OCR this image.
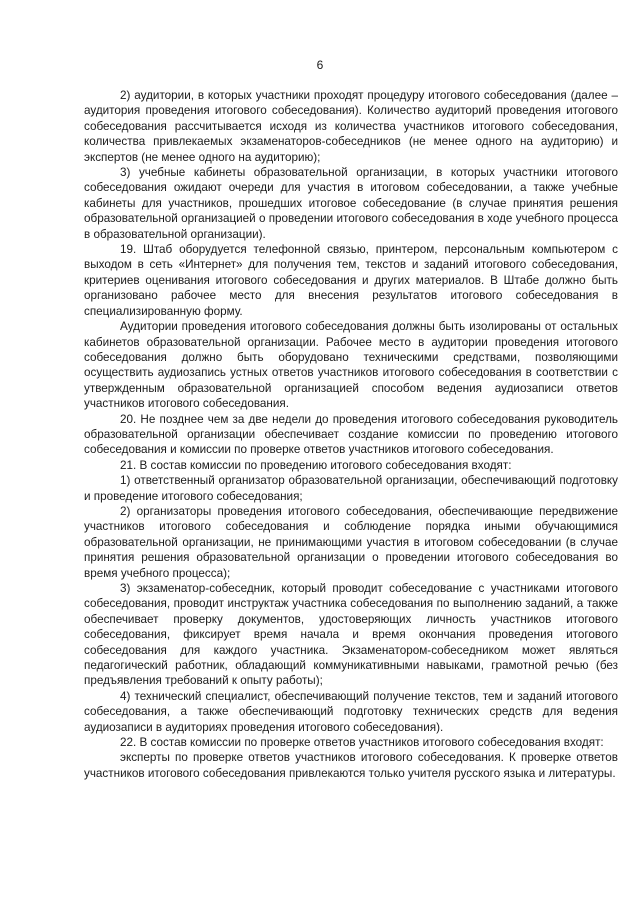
6

2) аудитории, в которых участники проходят процедуру итогового собеседования (далее – аудитория проведения итогового собеседования). Количество аудиторий проведения итогового собеседования рассчитывается исходя из количества участников итогового собеседования, количества привлекаемых экзаменаторов-собеседников (не менее одного на аудиторию) и экспертов (не менее одного на аудиторию);

3) учебные кабинеты образовательной организации, в которых участники итогового собеседования ожидают очереди для участия в итоговом собеседовании, а также учебные кабинеты для участников, прошедших итоговое собеседование (в случае принятия решения образовательной организацией о проведении итогового собеседования в ходе учебного процесса в образовательной организации).

19. Штаб оборудуется телефонной связью, принтером, персональным компьютером с выходом в сеть «Интернет» для получения тем, текстов и заданий итогового собеседования, критериев оценивания итогового собеседования и других материалов. В Штабе должно быть организовано рабочее место для внесения результатов итогового собеседования в специализированную форму.

Аудитории проведения итогового собеседования должны быть изолированы от остальных кабинетов образовательной организации. Рабочее место в аудитории проведения итогового собеседования должно быть оборудовано техническими средствами, позволяющими осуществить аудиозапись устных ответов участников итогового собеседования в соответствии с утвержденным образовательной организацией способом ведения аудиозаписи ответов участников итогового собеседования.

20. Не позднее чем за две недели до проведения итогового собеседования руководитель образовательной организации обеспечивает создание комиссии по проведению итогового собеседования и комиссии по проверке ответов участников итогового собеседования.

21. В состав комиссии по проведению итогового собеседования входят:

1) ответственный организатор образовательной организации, обеспечивающий подготовку и проведение итогового собеседования;

2) организаторы проведения итогового собеседования, обеспечивающие передвижение участников итогового собеседования и соблюдение порядка иными обучающимися образовательной организации, не принимающими участия в итоговом собеседовании (в случае принятия решения образовательной организации о проведении итогового собеседования во время учебного процесса);

3) экзаменатор-собеседник, который проводит собеседование с участниками итогового собеседования, проводит инструктаж участника собеседования по выполнению заданий, а также обеспечивает проверку документов, удостоверяющих личность участников итогового собеседования, фиксирует время начала и время окончания проведения итогового собеседования для каждого участника. Экзаменатором-собеседником может являться педагогический работник, обладающий коммуникативными навыками, грамотной речью (без предъявления требований к опыту работы);

4) технический специалист, обеспечивающий получение текстов, тем и заданий итогового собеседования, а также обеспечивающий подготовку технических средств для ведения аудиозаписи в аудиториях проведения итогового собеседования).

22. В состав комиссии по проверке ответов участников итогового собеседования входят:

эксперты по проверке ответов участников итогового собеседования. К проверке ответов участников итогового собеседования привлекаются только учителя русского языка и литературы.
